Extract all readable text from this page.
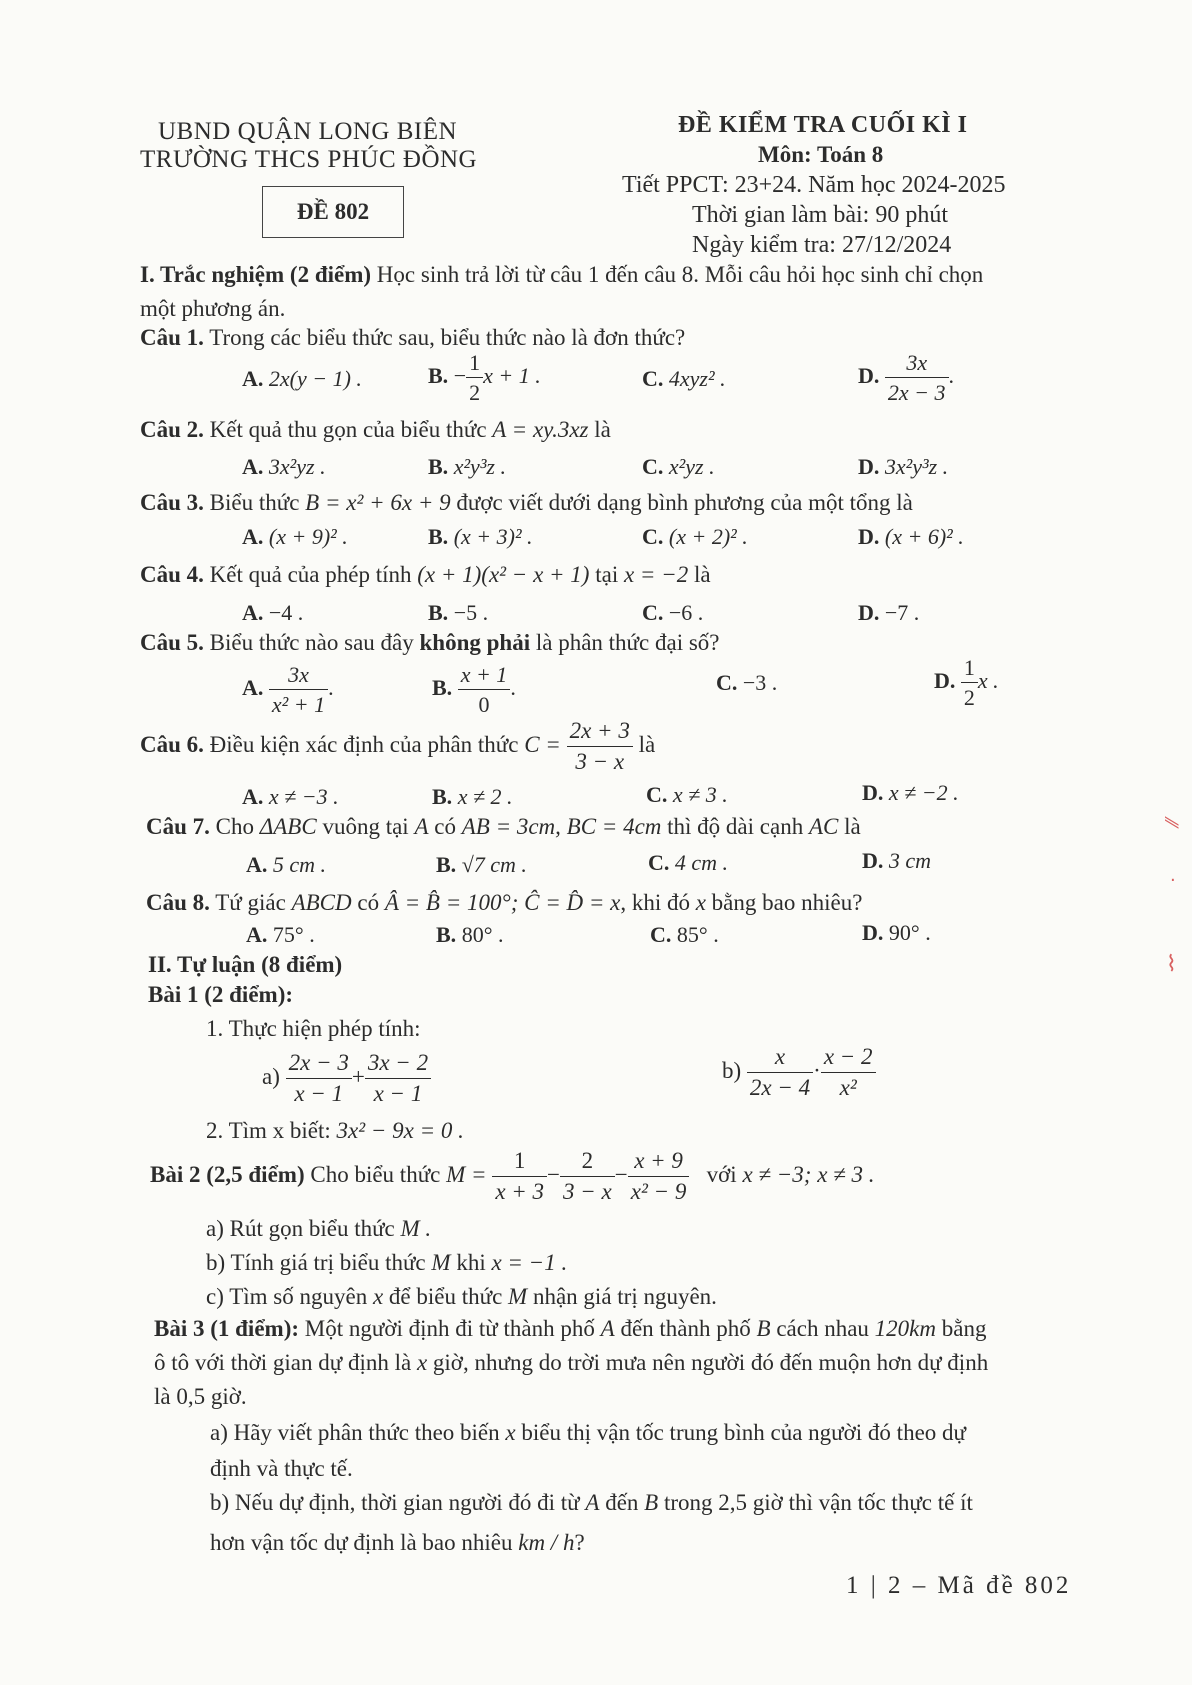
UBND QUẬN LONG BIÊN
TRƯỜNG THCS PHÚC ĐỒNG
ĐỀ 802
ĐỀ KIỂM TRA CUỐI KÌ I
Môn: Toán 8
Tiết PPCT: 23+24. Năm học 2024-2025
Thời gian làm bài: 90 phút
Ngày kiểm tra: 27/12/2024
I. Trắc nghiệm (2 điểm) Học sinh trả lời từ câu 1 đến câu 8. Mỗi câu hỏi học sinh chỉ chọn
một phương án.
Câu 1. Trong các biểu thức sau, biểu thức nào là đơn thức?
A. 2x(y − 1) .	B. − $\frac{1}{2}$ x + 1 .	C. 4xyz² .	D. $\frac{3x}{2x - 3}$ .
Câu 2. Kết quả thu gọn của biểu thức A = xy.3xz là
A. 3x²yz .	B. x²y³z .	C. x²yz .	D. 3x²y³z .
Câu 3. Biểu thức B = x² + 6x + 9 được viết dưới dạng bình phương của một tổng là
A. (x + 9)² .	B. (x + 3)² .	C. (x + 2)² .	D. (x + 6)² .
Câu 4. Kết quả của phép tính (x + 1)(x² − x + 1) tại x = −2 là
A. −4 .	B. −5 .	C. −6 .	D. −7 .
Câu 5. Biểu thức nào sau đây không phải là phân thức đại số?
A. $\frac{3x}{\text{x² + 1}}$ .	B. $\frac{x + 1}{0}$ .	C. −3 .	D. $\frac{1}{2}$ x .
Câu 6. Điều kiện xác định của phân thức $C = \frac{2x + 3}{3 - x}$ là
A. x ≠ −3 .	B. x ≠ 2 .	C. x ≠ 3 .	D. x ≠ −2 .
Câu 7. Cho ΔABC vuông tại A có AB = 3cm, BC = 4cm thì độ dài cạnh AC là
A. 5 cm .	B. √7 cm .	C. 4 cm .	D. 3 cm
Câu 8. Tứ giác ABCD có Â = B̂ = 100°; Ĉ = D̂ = x, khi đó x bằng bao nhiêu?
A. 75° .	B. 80° .	C. 85° .	D. 90° .
II. Tự luận (8 điểm)
Bài 1 (2 điểm):
1. Thực hiện phép tính:
$a) \frac{2x - 3}{x - 1} + \frac{3x - 2}{x - 1}$	$b) \frac{x}{2x - 4} \cdot \frac{x - 2}{\text{x²}}$
2. Tìm x biết: 3x² − 9x = 0 .
Bài 2 (2,5 điểm) Cho biểu thức $M = \frac{1}{x + 3} - \frac{2}{3 - x} - \frac{x + 9}{\text{x² − 9}}$ với x ≠ −3; x ≠ 3 .
a) Rút gọn biểu thức M .
b) Tính giá trị biểu thức M khi x = −1 .
c) Tìm số nguyên x để biểu thức M nhận giá trị nguyên.
Bài 3 (1 điểm): Một người định đi từ thành phố A đến thành phố B cách nhau 120km bằng
ô tô với thời gian dự định là x giờ, nhưng do trời mưa nên người đó đến muộn hơn dự định
là 0,5 giờ.
a) Hãy viết phân thức theo biến x biểu thị vận tốc trung bình của người đó theo dự
định và thực tế.
b) Nếu dự định, thời gian người đó đi từ A đến B trong 2,5 giờ thì vận tốc thực tế ít
hơn vận tốc dự định là bao nhiêu km / h?
1 | 2 – Mã đề 802
⁄⁄
·
⌇
